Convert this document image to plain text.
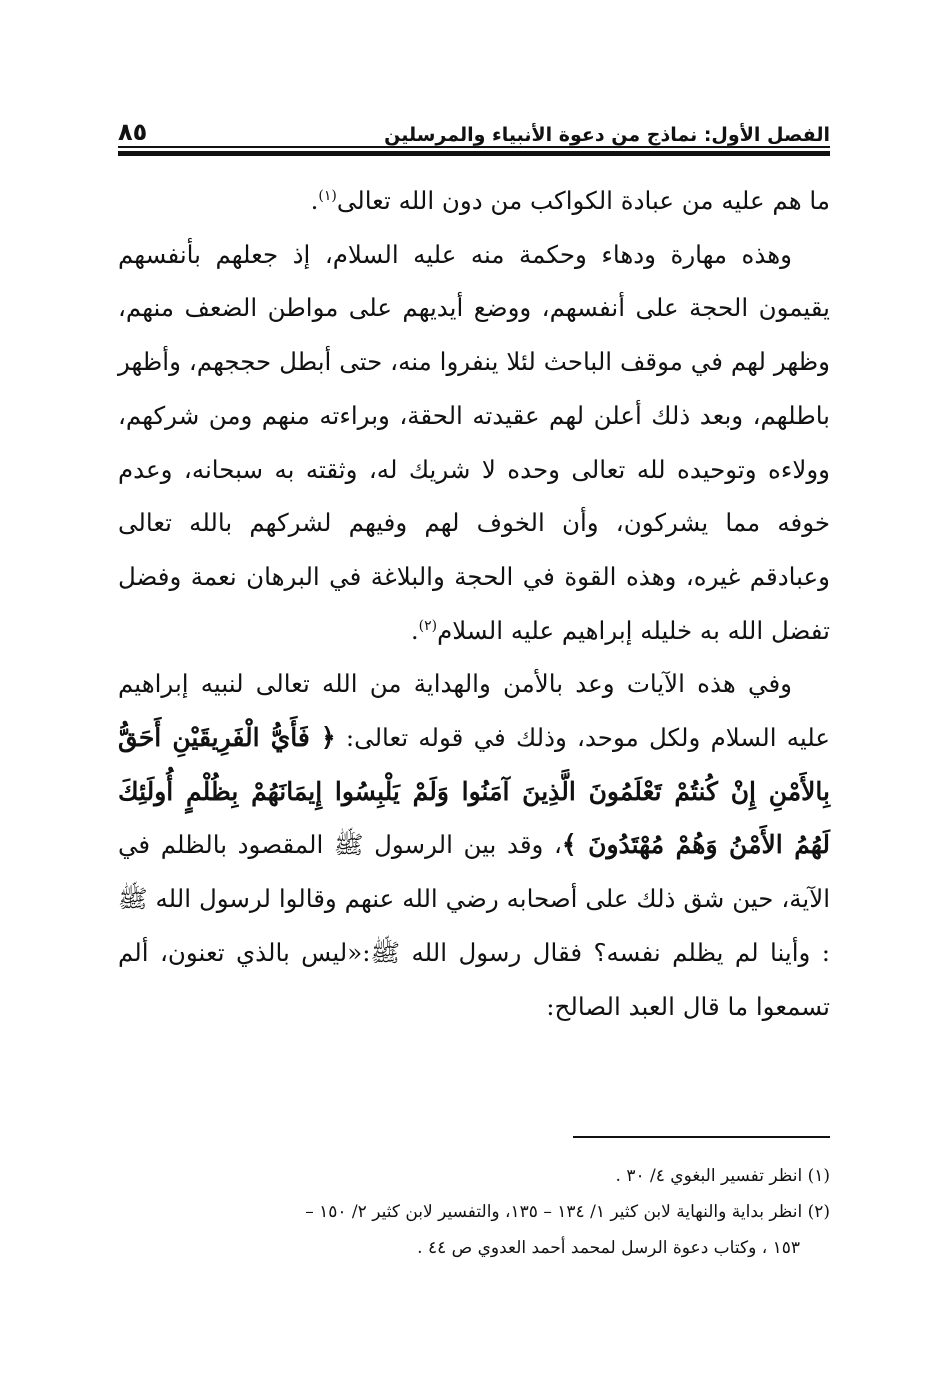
الفصل الأول: نماذج من دعوة الأنبياء والمرسلين
٨٥

ما هم عليه من عبادة الكواكب من دون الله تعالى$^{(١)}$.

وهذه مهارة ودهاء وحكمة منه عليه السلام، إذ جعلهم بأنفسهم يقيمون الحجة على أنفسهم، ووضع أيديهم على مواطن الضعف منهم، وظهر لهم في موقف الباحث لئلا ينفروا منه، حتى أبطل حججهم، وأظهر باطلهم، وبعد ذلك أعلن لهم عقيدته الحقة، وبراءته منهم ومن شركهم، وولاءه وتوحيده لله تعالى وحده لا شريك له، وثقته به سبحانه، وعدم خوفه مما يشركون، وأن الخوف لهم وفيهم لشركهم بالله تعالى وعبادقم غيره، وهذه القوة في الحجة والبلاغة في البرهان نعمة وفضل تفضل الله به خليله إبراهيم عليه السلام$^{(٢)}$.

وفي هذه الآيات وعد بالأمن والهداية من الله تعالى لنبيه إبراهيم عليه السلام ولكل موحد، وذلك في قوله تعالى: ﴿ فَأَيُّ الْفَرِيقَيْنِ أَحَقُّ بِالأَمْنِ إِنْ كُنتُمْ تَعْلَمُونَ الَّذِينَ آمَنُوا وَلَمْ يَلْبِسُوا إِيمَانَهُمْ بِظُلْمٍ أُولَئِكَ لَهُمُ الأَمْنُ وَهُمْ مُهْتَدُونَ ﴾، وقد بين الرسول ﷺ المقصود بالظلم في الآية، حين شق ذلك على أصحابه رضي الله عنهم وقالوا لرسول الله ﷺ : وأينا لم يظلم نفسه؟ فقال رسول الله ﷺ:«ليس بالذي تعنون، ألم تسمعوا ما قال العبد الصالح:

(١) انظر تفسير البغوي ٤/ ٣٠ .

(٢) انظر بداية والنهاية لابن كثير ١/ ١٣٤ – ١٣٥، والتفسير لابن كثير ٢/ ١٥٠ –

١٥٣ ، وكتاب دعوة الرسل لمحمد أحمد العدوي ص ٤٤ .
